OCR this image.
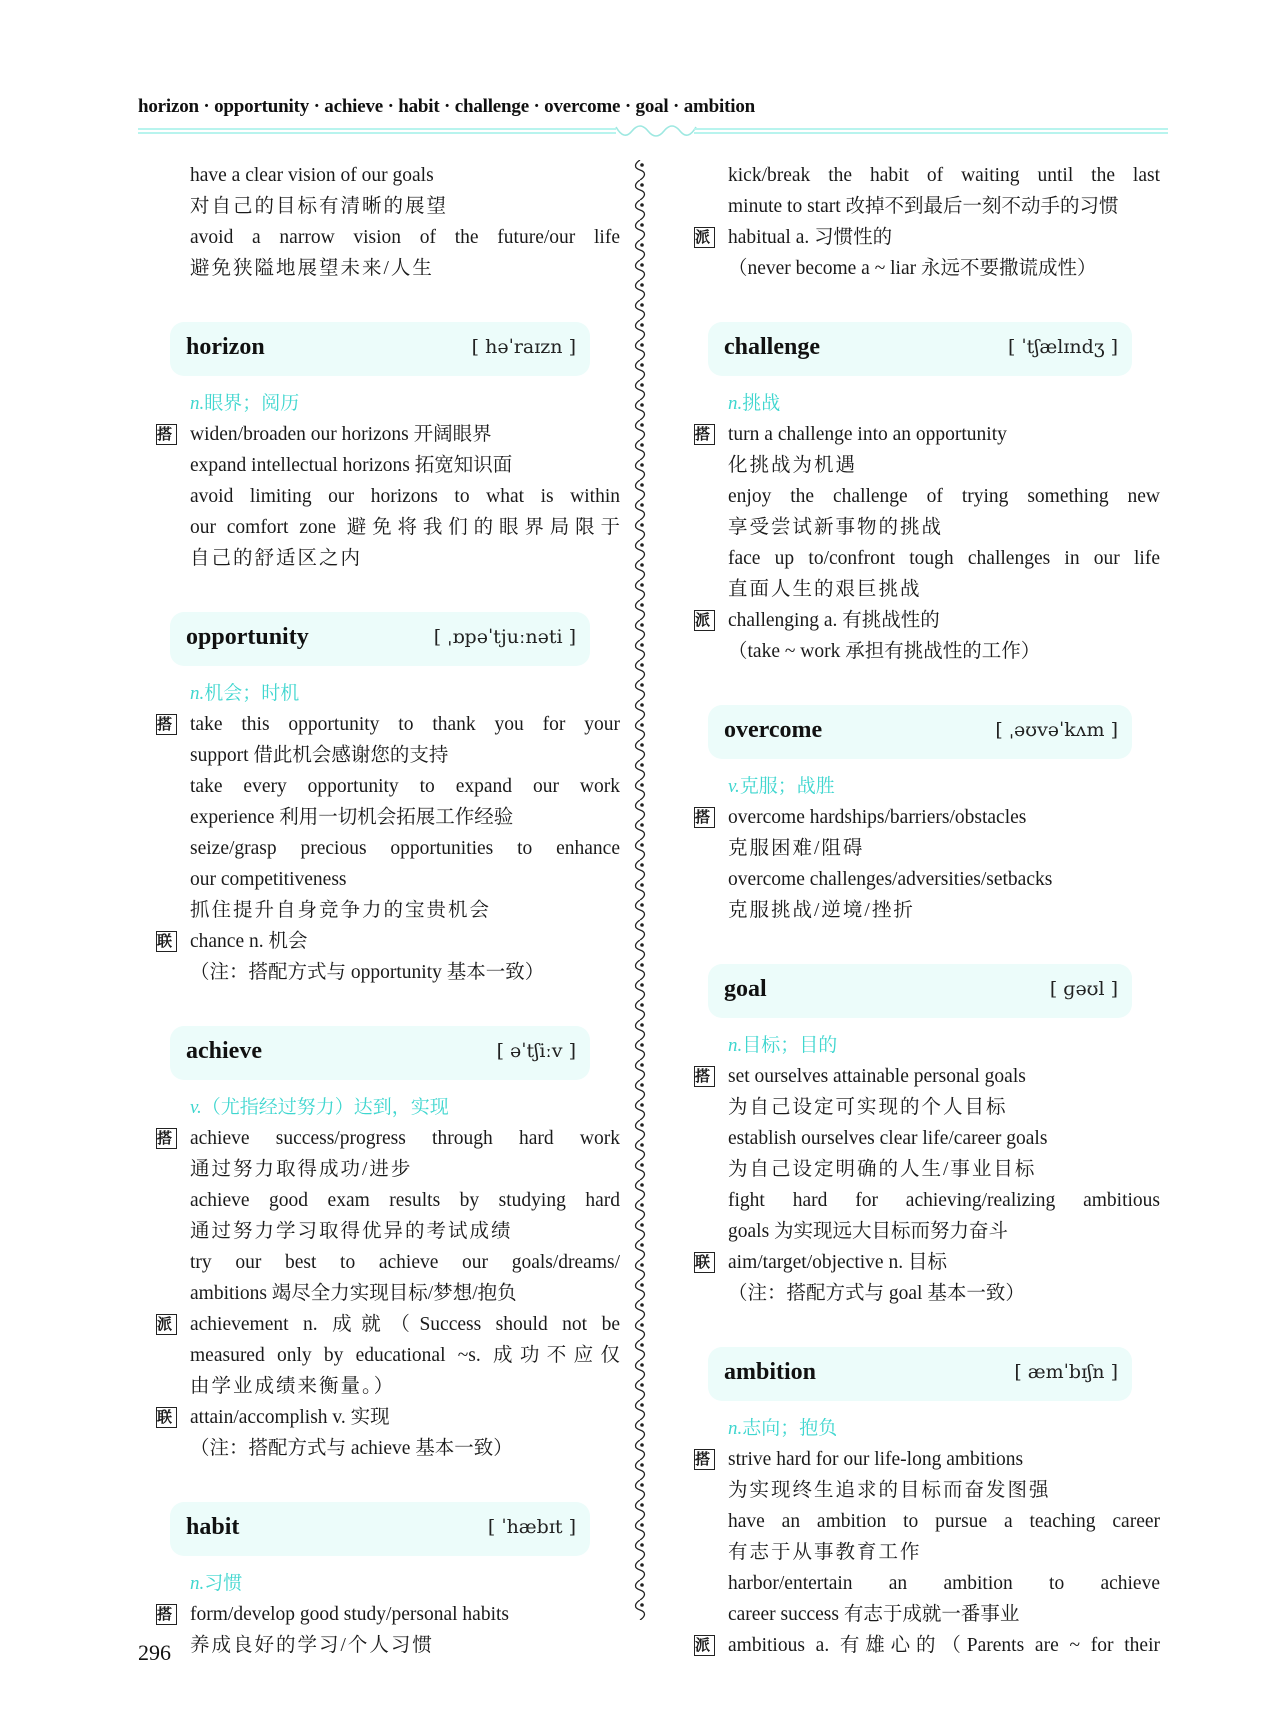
horizon · opportunity · achieve · habit · challenge · overcome · goal · ambition
have a clear vision of our goals
对自己的目标有清晰的展望
avoid a narrow vision of the future/our life
避免狭隘地展望未来/人生
horizon	[ həˈraɪzn ]
n.眼界；阅历
搭 widen/broaden our horizons 开阔眼界
expand intellectual horizons 拓宽知识面
avoid limiting our horizons to what is within
our comfort zone 避免将我们的眼界局限于
自己的舒适区之内
opportunity	[ ˌɒpəˈtjuːnəti ]
n.机会；时机
搭 take this opportunity to thank you for your
support 借此机会感谢您的支持
take every opportunity to expand our work
experience 利用一切机会拓展工作经验
seize/grasp precious opportunities to enhance
our competitiveness
抓住提升自身竞争力的宝贵机会
联 chance n. 机会
（注：搭配方式与 opportunity 基本一致）
achieve	[ əˈtʃiːv ]
v.（尤指经过努力）达到，实现
搭 achieve success/progress through hard work
通过努力取得成功/进步
achieve good exam results by studying hard
通过努力学习取得优异的考试成绩
try our best to achieve our goals/dreams/
ambitions 竭尽全力实现目标/梦想/抱负
派 achievement n. 成就（Success should not be
measured only by educational ~s. 成功不应仅
由学业成绩来衡量。）
联 attain/accomplish v. 实现
（注：搭配方式与 achieve 基本一致）
habit	[ ˈhæbɪt ]
n.习惯
搭 form/develop good study/personal habits
养成良好的学习/个人习惯
kick/break the habit of waiting until the last
minute to start 改掉不到最后一刻不动手的习惯
派 habitual a. 习惯性的
（never become a ~ liar 永远不要撒谎成性）
challenge	[ ˈtʃælɪndʒ ]
n.挑战
搭 turn a challenge into an opportunity
化挑战为机遇
enjoy the challenge of trying something new
享受尝试新事物的挑战
face up to/confront tough challenges in our life
直面人生的艰巨挑战
派 challenging a. 有挑战性的
（take ~ work 承担有挑战性的工作）
overcome	[ ˌəʊvəˈkʌm ]
v.克服；战胜
搭 overcome hardships/barriers/obstacles
克服困难/阻碍
overcome challenges/adversities/setbacks
克服挑战/逆境/挫折
goal	[ ɡəʊl ]
n.目标；目的
搭 set ourselves attainable personal goals
为自己设定可实现的个人目标
establish ourselves clear life/career goals
为自己设定明确的人生/事业目标
fight hard for achieving/realizing ambitious
goals 为实现远大目标而努力奋斗
联 aim/target/objective n. 目标
（注：搭配方式与 goal 基本一致）
ambition	[ æmˈbɪʃn ]
n.志向；抱负
搭 strive hard for our life-long ambitions
为实现终生追求的目标而奋发图强
have an ambition to pursue a teaching career
有志于从事教育工作
harbor/entertain an ambition to achieve
career success 有志于成就一番事业
派 ambitious a. 有雄心的（Parents are ~ for their
296
